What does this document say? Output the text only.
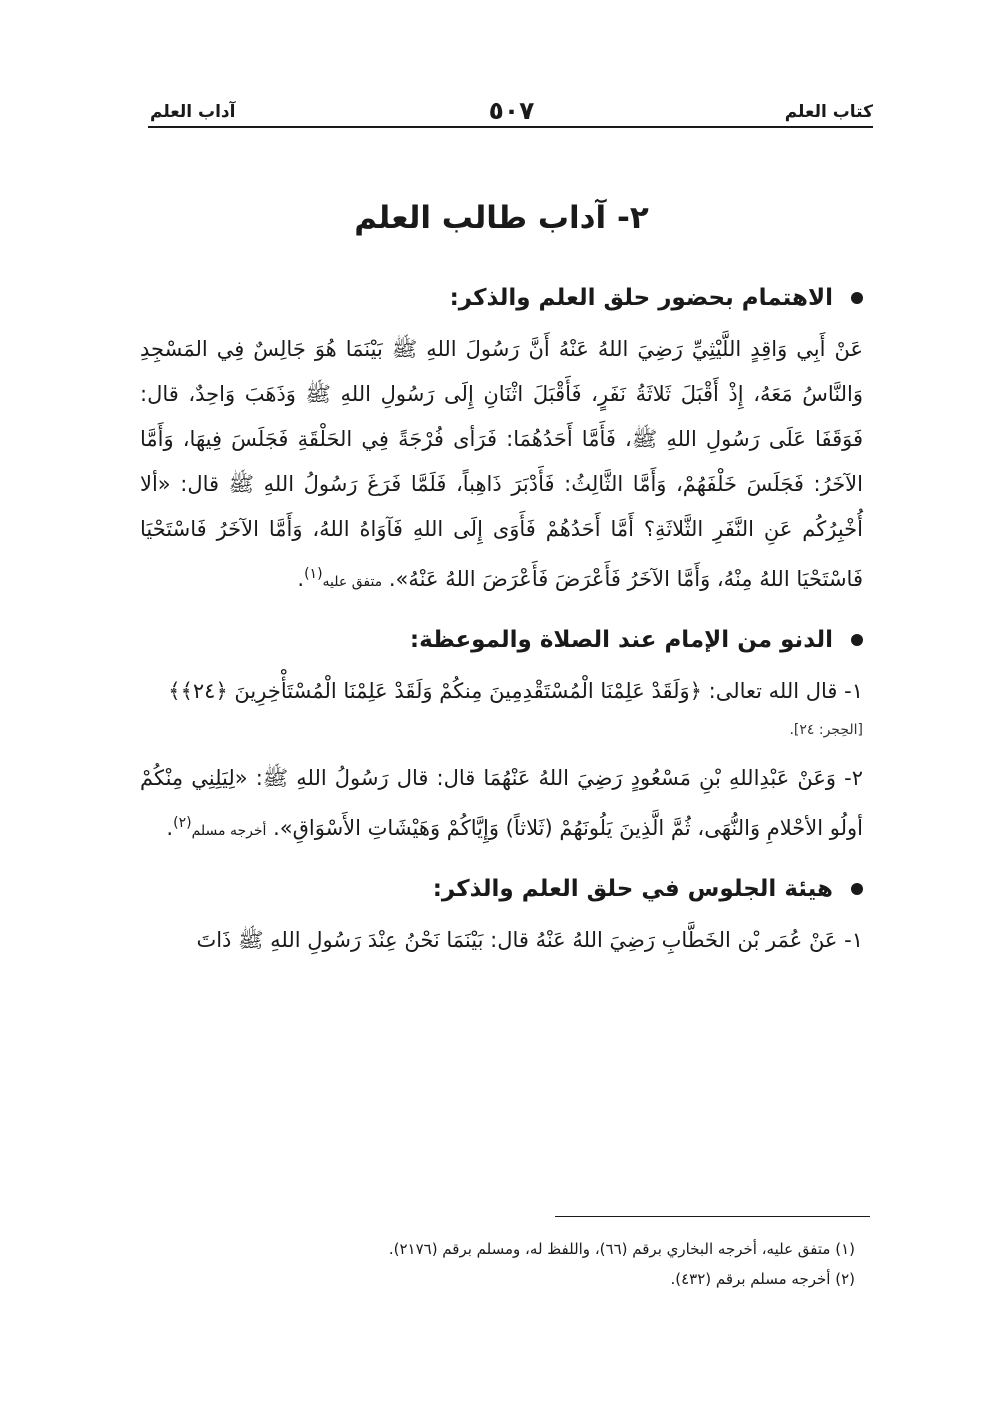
كتاب العلم
٥٠٧
آداب العلم
٢- آداب طالب العلم
الاهتمام بحضور حلق العلم والذكر:

عَنْ أَبِي وَاقِدٍ اللَّيْثِيِّ رَضِيَ اللهُ عَنْهُ أَنَّ رَسُولَ اللهِ ﷺ بَيْنَمَا هُوَ جَالِسٌ فِي المَسْجِدِ وَالنَّاسُ مَعَهُ، إِذْ أَقْبَلَ ثَلاثَةُ نَفَرٍ، فَأَقْبَلَ اثْنَانِ إِلَى رَسُولِ اللهِ ﷺ وَذَهَبَ وَاحِدٌ، قال: فَوَقَفَا عَلَى رَسُولِ اللهِ ﷺ، فَأَمَّا أَحَدُهُمَا: فَرَأى فُرْجَةً فِي الحَلْقَةِ فَجَلَسَ فِيهَا، وَأَمَّا الآخَرُ: فَجَلَسَ خَلْفَهُمْ، وَأَمَّا الثَّالِثُ: فَأَدْبَرَ ذَاهِباً، فَلَمَّا فَرَغَ رَسُولُ اللهِ ﷺ قال: «ألا أُخْبِرُكُم عَنِ النَّفَرِ الثَّلاثَةِ؟ أَمَّا أَحَدُهُمْ فَأَوَى إِلَى اللهِ فَآوَاهُ اللهُ، وَأَمَّا الآخَرُ فَاسْتَحْيَا فَاسْتَحْيَا اللهُ مِنْهُ، وَأَمَّا الآخَرُ فَأَعْرَضَ فَأَعْرَضَ اللهُ عَنْهُ». متفق عليه$^{(١)}$.

الدنو من الإمام عند الصلاة والموعظة:

١- قال الله تعالى: ﴿وَلَقَدْ عَلِمْنَا الْمُسْتَقْدِمِينَ مِنكُمْ وَلَقَدْ عَلِمْنَا الْمُسْتَأْخِرِينَ ﴿٢٤﴾﴾

[الحِجر: ٢٤].

٢- وَعَنْ عَبْدِاللهِ بْنِ مَسْعُودٍ رَضِيَ اللهُ عَنْهُمَا قال: قال رَسُولُ اللهِ ﷺ: «لِيَلِنِي مِنْكُمْ أولُو الأحْلامِ وَالنُّهَى، ثُمَّ الَّذِينَ يَلُونَهُمْ (ثَلاثاً) وَإِيَّاكُمْ وَهَيْشَاتِ الأَسْوَاقِ». أخرجه مسلم$^{(٢)}$.

هيئة الجلوس في حلق العلم والذكر:

١- عَنْ عُمَر بْن الخَطَّابِ رَضِيَ اللهُ عَنْهُ قال: بَيْنَمَا نَحْنُ عِنْدَ رَسُولِ اللهِ ﷺ ذَاتَ

(١) متفق عليه، أخرجه البخاري برقم (٦٦)، واللفظ له، ومسلم برقم (٢١٧٦).

(٢) أخرجه مسلم برقم (٤٣٢).
